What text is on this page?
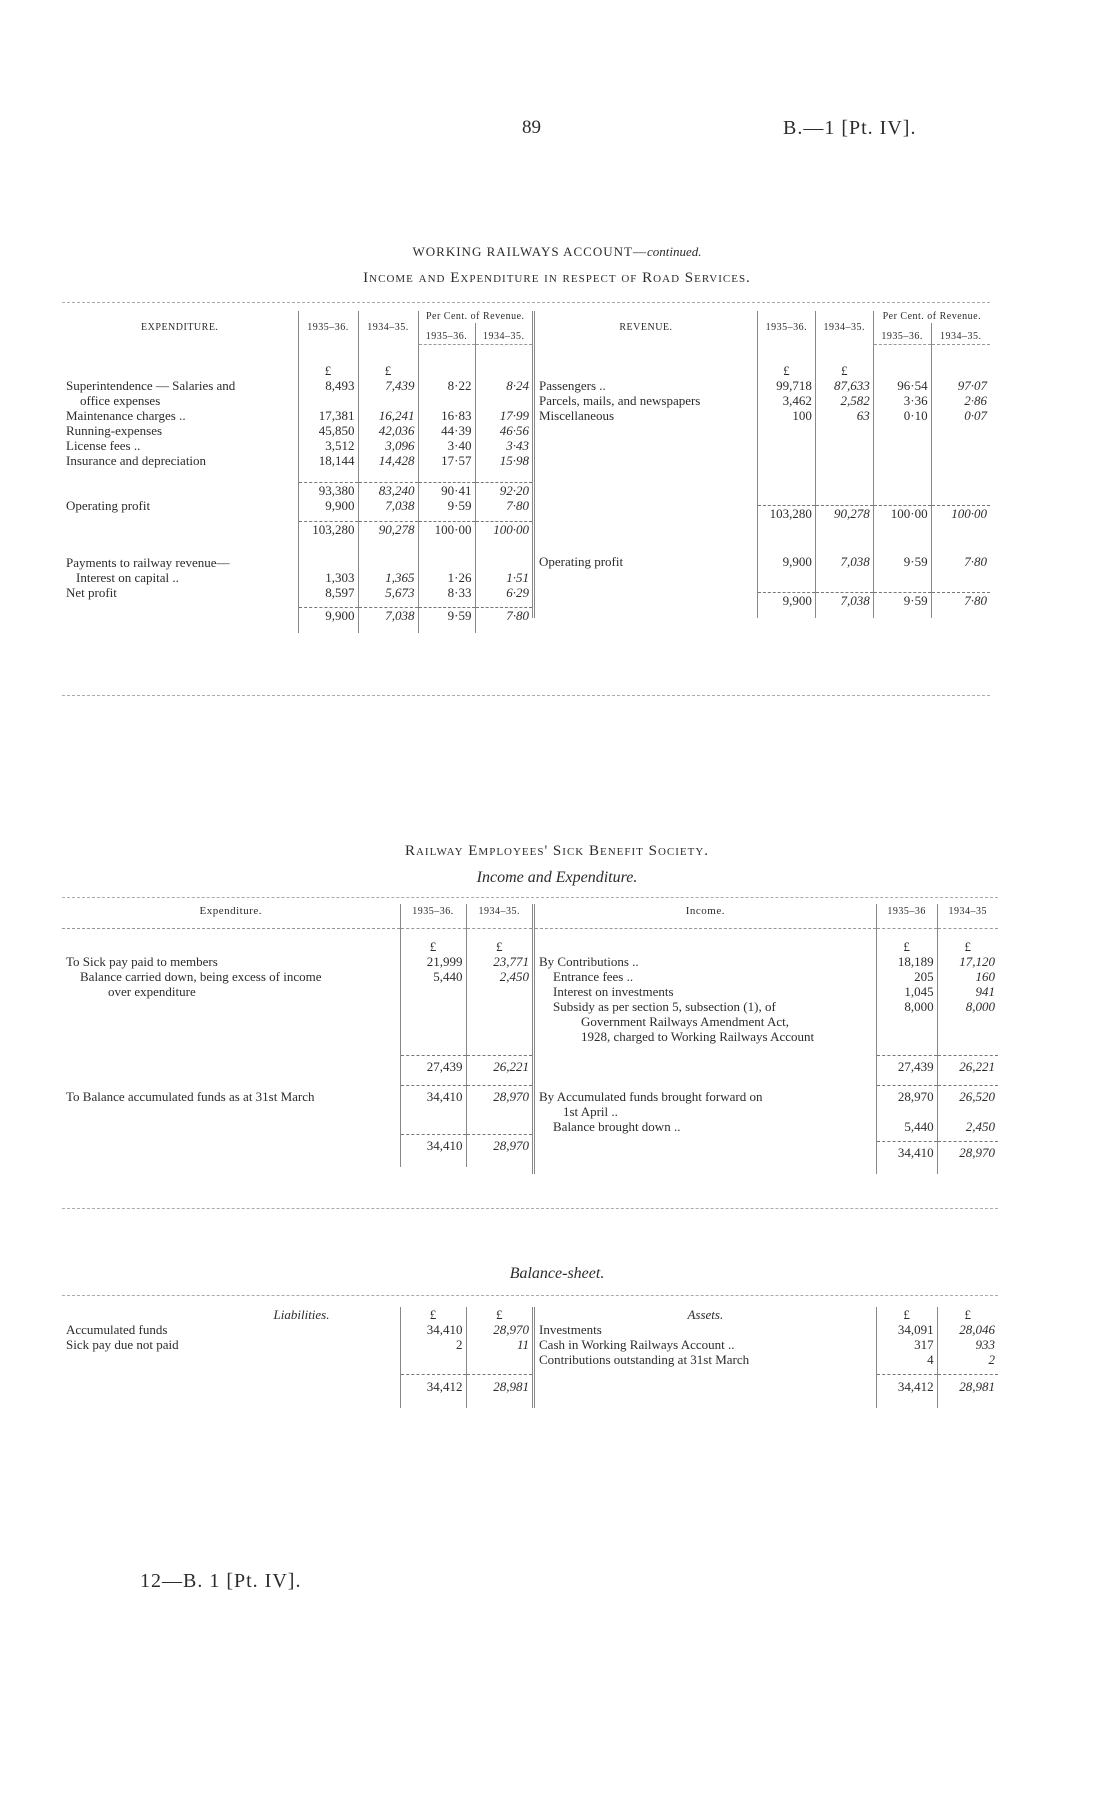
89	B.—1 [Pt. IV].
WORKING RAILWAYS ACCOUNT—continued.
Income and Expenditure in respect of Road Services.
EXPENDITURE.	1935–36.	1934–35.	Per Cent. of Revenue.	
			1935–36.	1934–35.

	£	£		
Superintendence — Salaries and
office expenses	8,493	7,439	8·22	8·24
Maintenance charges ..	17,381	16,241	16·83	17·99
Running-expenses	45,850	42,036	44·39	46·56
License fees ..	3,512	3,096	3·40	3·43
Insurance and depreciation	18,144	14,428	17·57	15·98

	93,380	83,240	90·41	92·20
Operating profit	9,900	7,038	9·59	7·80

	103,280	90,278	100·00	100·00

Payments to railway revenue—				
Interest on capital ..	1,303	1,365	1·26	1·51
Net profit	8,597	5,673	8·33	6·29

	9,900	7,038	9·59	7·80

REVENUE.	1935–36.	1934–35.	Per Cent. of Revenue.	
			1935–36.	1934–35.

	£	£		
Passengers ..	99,718	87,633	96·54	97·07
Parcels, mails, and newspapers	3,462	2,582	3·36	2·86
Miscellaneous	100	63	0·10	0·07

	103,280	90,278	100·00	100·00

Operating profit	9,900	7,038	9·59	7·80

	9,900	7,038	9·59	7·80

Railway Employees' Sick Benefit Society.
Income and Expenditure.
Expenditure.	1935–36.	1934–35.

	£	£
To Sick pay paid to members	21,999	23,771
Balance carried down, being excess of income
over expenditure	5,440	2,450

	27,439	26,221

To Balance accumulated funds as at 31st March	34,410	28,970

	34,410	28,970

Income.	1935–36	1934–35

	£	£
By Contributions ..	18,189	17,120
Entrance fees ..	205	160
Interest on investments	1,045	941
Subsidy as per section 5, subsection (1), of
Government Railways Amendment Act,
1928, charged to Working Railways Account	8,000	8,000

	27,439	26,221

By Accumulated funds brought forward on
1st April ..	28,970	26,520
Balance brought down ..	5,440	2,450

	34,410	28,970

Balance-sheet.
Liabilities.	£	£
Accumulated funds	34,410	28,970
Sick pay due not paid	2	11

	34,412	28,981

Assets.	£	£
Investments	34,091	28,046
Cash in Working Railways Account ..	317	933
Contributions outstanding at 31st March	4	2

	34,412	28,981

12—B. 1 [Pt. IV].
